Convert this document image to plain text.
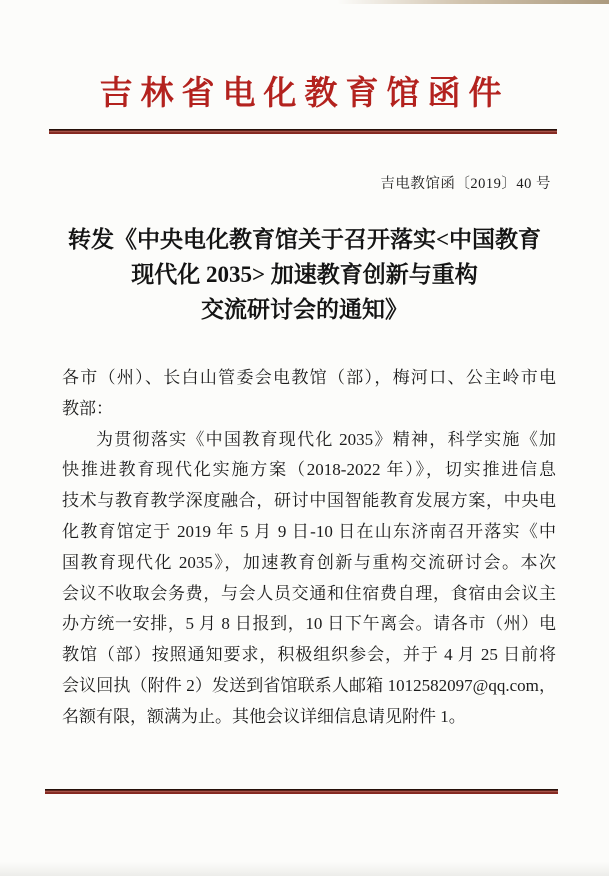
吉林省电化教育馆函件
吉电教馆函〔2019〕40 号
转发《中央电化教育馆关于召开落实<中国教育
现代化 2035> 加速教育创新与重构
交流研讨会的通知》
各市（州）、长白山管委会电教馆（部），梅河口、公主岭市电
教部：
为贯彻落实《中国教育现代化 2035》精神，科学实施《加
快推进教育现代化实施方案（2018-2022 年）》，切实推进信息
技术与教育教学深度融合，研讨中国智能教育发展方案，中央电
化教育馆定于 2019 年 5 月 9 日-10 日在山东济南召开落实《中
国教育现代化 2035》，加速教育创新与重构交流研讨会。本次
会议不收取会务费，与会人员交通和住宿费自理，食宿由会议主
办方统一安排，5 月 8 日报到，10 日下午离会。请各市（州）电
教馆（部）按照通知要求，积极组织参会，并于 4 月 25 日前将
会议回执（附件 2）发送到省馆联系人邮箱 1012582097@qq.com，
名额有限，额满为止。其他会议详细信息请见附件 1。
